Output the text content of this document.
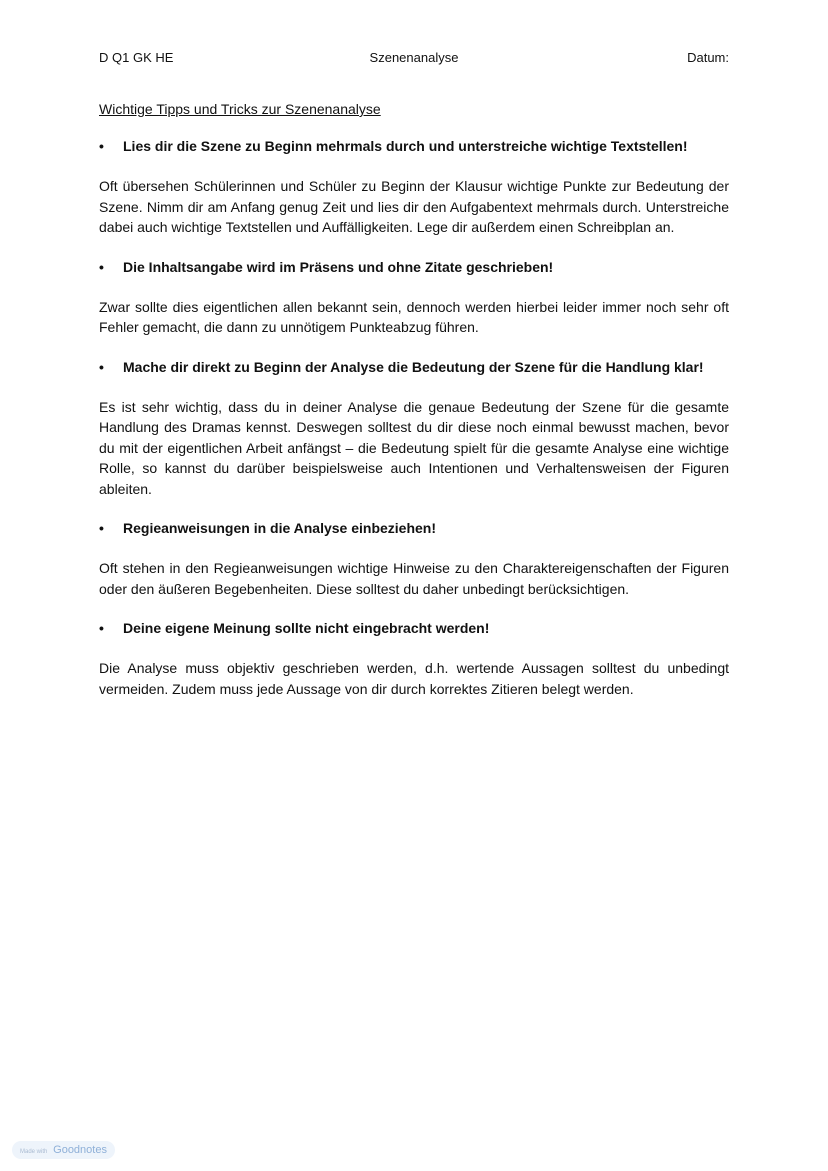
D Q1 GK HE	Szenenanalyse	Datum:
Wichtige Tipps und Tricks zur Szenenanalyse
• Lies dir die Szene zu Beginn mehrmals durch und unterstreiche wichtige Textstellen!

Oft übersehen Schülerinnen und Schüler zu Beginn der Klausur wichtige Punkte zur Bedeutung der Szene. Nimm dir am Anfang genug Zeit und lies dir den Aufgabentext mehrmals durch. Unterstreiche dabei auch wichtige Textstellen und Auffälligkeiten. Lege dir außerdem einen Schreibplan an.

• Die Inhaltsangabe wird im Präsens und ohne Zitate geschrieben!

Zwar sollte dies eigentlichen allen bekannt sein, dennoch werden hierbei leider immer noch sehr oft Fehler gemacht, die dann zu unnötigem Punkteabzug führen.

• Mache dir direkt zu Beginn der Analyse die Bedeutung der Szene für die Handlung klar!

Es ist sehr wichtig, dass du in deiner Analyse die genaue Bedeutung der Szene für die gesamte Handlung des Dramas kennst. Deswegen solltest du dir diese noch einmal bewusst machen, bevor du mit der eigentlichen Arbeit anfängst – die Bedeutung spielt für die gesamte Analyse eine wichtige Rolle, so kannst du darüber beispielsweise auch Intentionen und Verhaltensweisen der Figuren ableiten.

• Regieanweisungen in die Analyse einbeziehen!

Oft stehen in den Regieanweisungen wichtige Hinweise zu den Charaktereigenschaften der Figuren oder den äußeren Begebenheiten. Diese solltest du daher unbedingt berücksichtigen.

• Deine eigene Meinung sollte nicht eingebracht werden!

Die Analyse muss objektiv geschrieben werden, d.h. wertende Aussagen solltest du unbedingt vermeiden. Zudem muss jede Aussage von dir durch korrektes Zitieren belegt werden.

Made with Goodnotes
